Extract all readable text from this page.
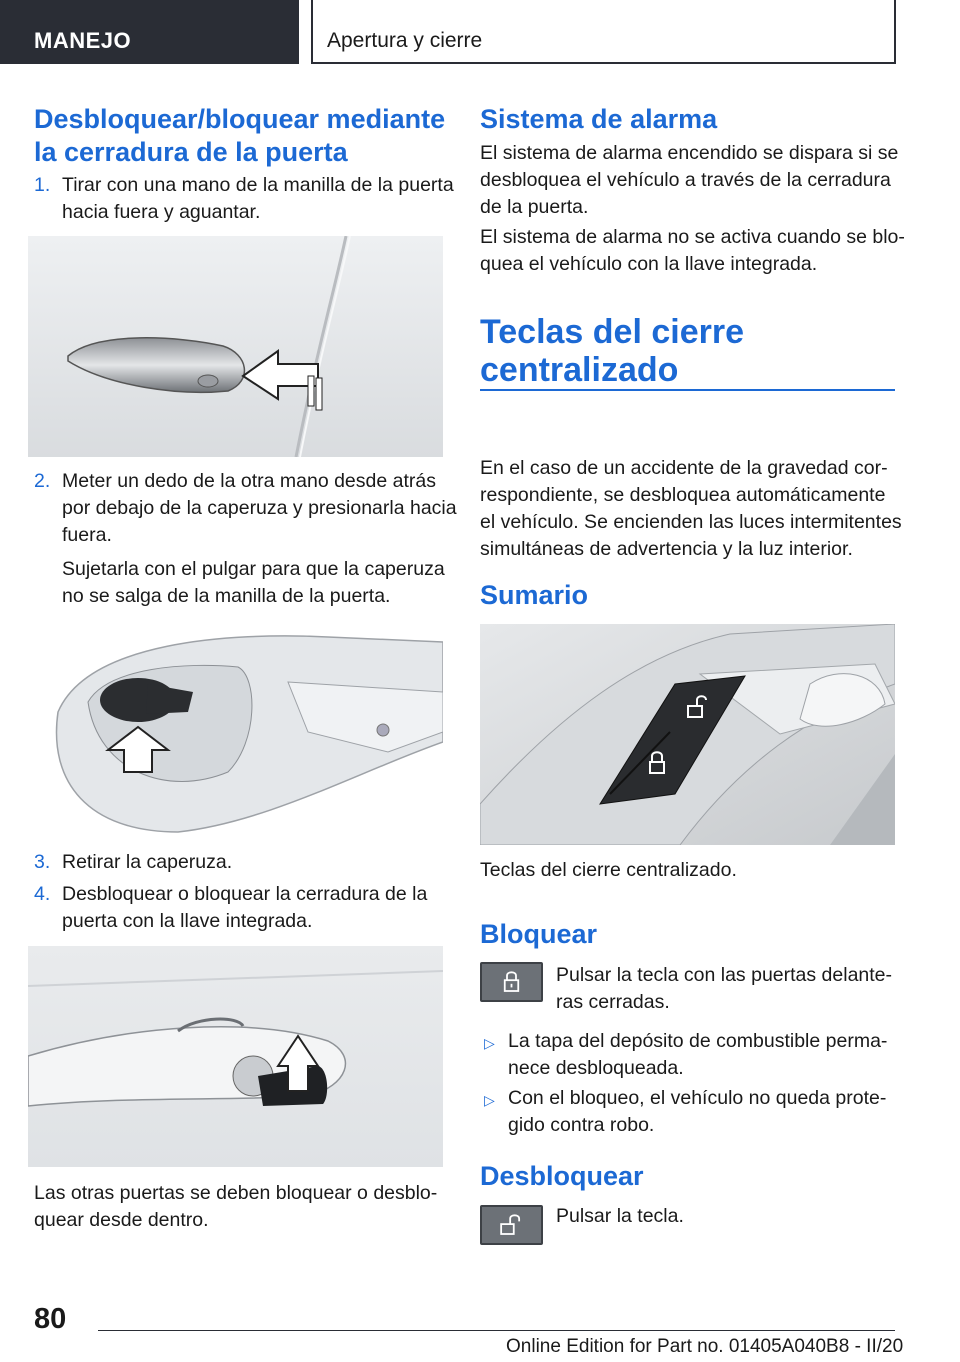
MANEJO	Apertura y cierre
Desbloquear/bloquear mediante
la cerradura de la puerta
1. Tirar con una mano de la manilla de la puerta
hacia fuera y aguantar.
2. Meter un dedo de la otra mano desde atrás
por debajo de la caperuza y presionarla hacia
fuera.
Sujetarla con el pulgar para que la caperuza
no se salga de la manilla de la puerta.
3. Retirar la caperuza.
4. Desbloquear o bloquear la cerradura de la
puerta con la llave integrada.
Las otras puertas se deben bloquear o desblo-
quear desde dentro.
Sistema de alarma
El sistema de alarma encendido se dispara si se
desbloquea el vehículo a través de la cerradura
de la puerta.
El sistema de alarma no se activa cuando se blo-
quea el vehículo con la llave integrada.
Teclas del cierre
centralizado
En el caso de un accidente de la gravedad cor-
respondiente, se desbloquea automáticamente
el vehículo. Se encienden las luces intermitentes
simultáneas de advertencia y la luz interior.
Sumario
Teclas del cierre centralizado.
Bloquear
Pulsar la tecla con las puertas delante-
ras cerradas.
▷ La tapa del depósito de combustible perma-
nece desbloqueada.
▷ Con el bloqueo, el vehículo no queda prote-
gido contra robo.
Desbloquear
Pulsar la tecla.
80
Online Edition for Part no. 01405A040B8 - II/20
